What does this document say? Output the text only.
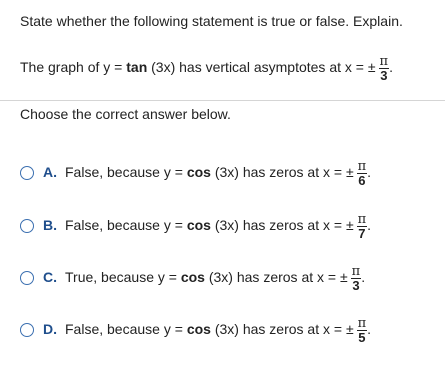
State whether the following statement is true or false. Explain.
The graph of y = tan (3x) has vertical asymptotes at x = ± $\frac{\pi}{3}$ .
Choose the correct answer below.
A. False, because y = cos (3x) has zeros at x = ± $\frac{\pi}{6}$ .
B. False, because y = cos (3x) has zeros at x = ± $\frac{\pi}{7}$ .
C. True, because y = cos (3x) has zeros at x = ± $\frac{\pi}{3}$ .
D. False, because y = cos (3x) has zeros at x = ± $\frac{\pi}{5}$ .
